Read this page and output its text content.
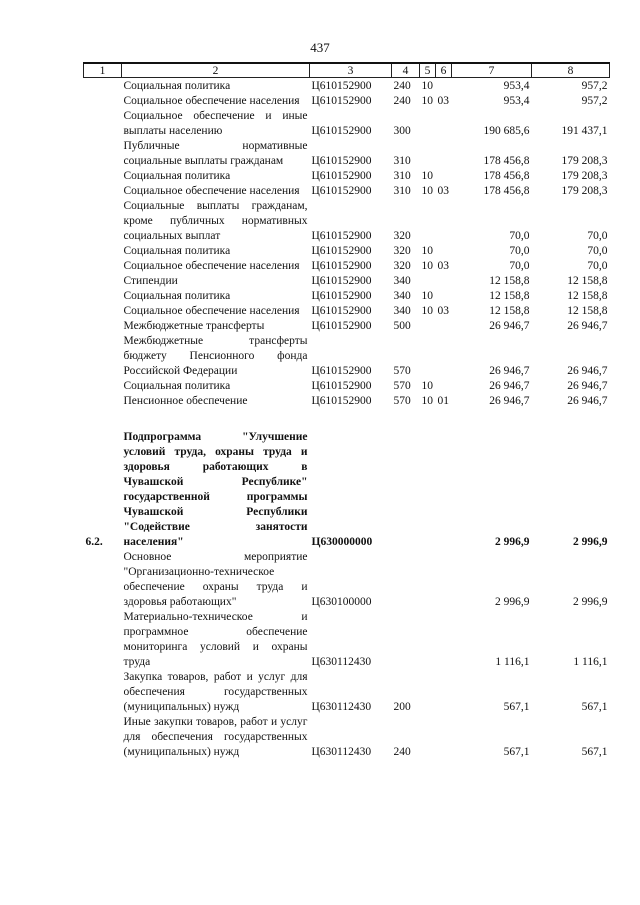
437
1	2	3	4	5	6	7	8
	Социальная политика	Ц610152900	240	10		953,4	957,2
	Социальное обеспечение населения	Ц610152900	240	10	03	953,4	957,2
	Социальное обеспечение и иные выплаты населению	Ц610152900	300			190 685,6	191 437,1
	Публичные нормативные социальные выплаты гражданам	Ц610152900	310			178 456,8	179 208,3
	Социальная политика	Ц610152900	310	10		178 456,8	179 208,3
	Социальное обеспечение населения	Ц610152900	310	10	03	178 456,8	179 208,3
	Социальные выплаты гражданам, кроме публичных нормативных социальных выплат	Ц610152900	320			70,0	70,0
	Социальная политика	Ц610152900	320	10		70,0	70,0
	Социальное обеспечение населения	Ц610152900	320	10	03	70,0	70,0
	Стипендии	Ц610152900	340			12 158,8	12 158,8
	Социальная политика	Ц610152900	340	10		12 158,8	12 158,8
	Социальное обеспечение населения	Ц610152900	340	10	03	12 158,8	12 158,8
	Межбюджетные трансферты	Ц610152900	500			26 946,7	26 946,7
	Межбюджетные трансферты бюджету Пенсионного фонда Российской Федерации	Ц610152900	570			26 946,7	26 946,7
	Социальная политика	Ц610152900	570	10		26 946,7	26 946,7
	Пенсионное обеспечение	Ц610152900	570	10	01	26 946,7	26 946,7

6.2.	Подпрограмма "Улучшение условий труда, охраны труда и здоровья работающих в Чувашской Республике" государственной программы Чувашской Республики "Содействие занятости населения"	Ц630000000				2 996,9	2 996,9
	Основное мероприятие "Организационно-техническое обеспечение охраны труда и здоровья работающих"	Ц630100000				2 996,9	2 996,9
	Материально-техническое и программное обеспечение мониторинга условий и охраны труда	Ц630112430				1 116,1	1 116,1
	Закупка товаров, работ и услуг для обеспечения государственных (муниципальных) нужд	Ц630112430	200			567,1	567,1
	Иные закупки товаров, работ и услуг для обеспечения государственных (муниципальных) нужд	Ц630112430	240			567,1	567,1
